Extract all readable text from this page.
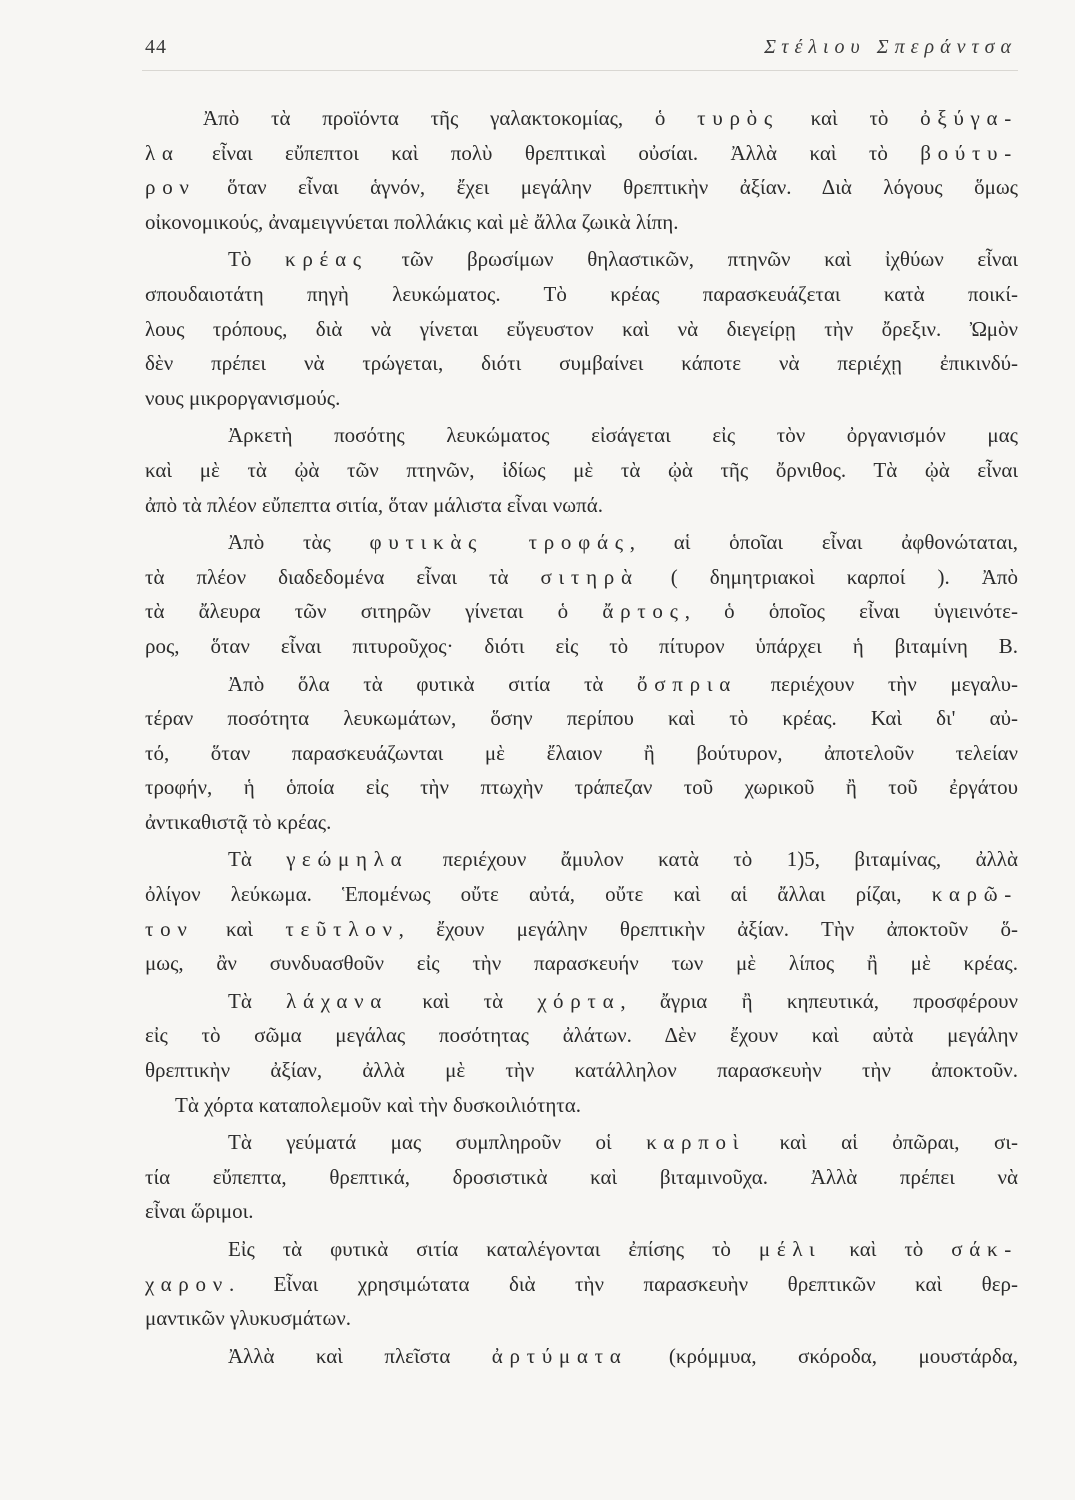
44	Στέλιου Σπεράντσα
Ἀπὸ τὰ προϊόντα τῆς γαλακτοκομίας, ὁ τυρὸς καὶ τὸ ὀξύγα-
λα εἶναι εὔπεπτοι καὶ πολὺ θρεπτικαὶ οὐσίαι. Ἀλλὰ καὶ τὸ βούτυ-
ρον ὅταν εἶναι ἁγνόν, ἔχει μεγάλην θρεπτικὴν ἀξίαν. Διὰ λόγους ὅμως
οἰκονομικούς, ἀναμειγνύεται πολλάκις καὶ μὲ ἄλλα ζωικὰ λίπη.
Τὸ κρέας τῶν βρωσίμων θηλαστικῶν, πτηνῶν καὶ ἰχθύων εἶναι
σπουδαιοτάτη πηγὴ λευκώματος. Τὸ κρέας παρασκευάζεται κατὰ ποικί-
λους τρόπους, διὰ νὰ γίνεται εὔγευστον καὶ νὰ διεγείρῃ τὴν ὄρεξιν. Ὠμὸν
δὲν πρέπει νὰ τρώγεται, διότι συμβαίνει κάποτε νὰ περιέχῃ ἐπικινδύ-
νους μικροργανισμούς.
Ἀρκετὴ ποσότης λευκώματος εἰσάγεται εἰς τὸν ὀργανισμόν μας
καὶ μὲ τὰ ᾠὰ τῶν πτηνῶν, ἰδίως μὲ τὰ ᾠὰ τῆς ὄρνιθος. Τὰ ᾠὰ εἶναι
ἀπὸ τὰ πλέον εὔπεπτα σιτία, ὅταν μάλιστα εἶναι νωπά.
Ἀπὸ τὰς φυτικὰς τροφάς, αἱ ὁποῖαι εἶναι ἀφθονώταται,
τὰ πλέον διαδεδομένα εἶναι τὰ σιτηρὰ ( δημητριακοὶ καρποί ). Ἀπὸ
τὰ ἄλευρα τῶν σιτηρῶν γίνεται ὁ ἄρτος, ὁ ὁποῖος εἶναι ὑγιεινότε-
ρος, ὅταν εἶναι πιτυροῦχος· διότι εἰς τὸ πίτυρον ὑπάρχει ἡ βιταμίνη Β.
Ἀπὸ ὅλα τὰ φυτικὰ σιτία τὰ ὄσπρια περιέχουν τὴν μεγαλυ-
τέραν ποσότητα λευκωμάτων, ὅσην περίπου καὶ τὸ κρέας. Καὶ δι' αὐ-
τό, ὅταν παρασκευάζωνται μὲ ἔλαιον ἢ βούτυρον, ἀποτελοῦν τελείαν
τροφήν, ἡ ὁποία εἰς τὴν πτωχὴν τράπεζαν τοῦ χωρικοῦ ἢ τοῦ ἐργάτου
ἀντικαθιστᾷ τὸ κρέας.
Τὰ γεώμηλα περιέχουν ἄμυλον κατὰ τὸ 1)5, βιταμίνας, ἀλλὰ
ὀλίγον λεύκωμα. Ἑπομένως οὔτε αὐτά, οὔτε καὶ αἱ ἄλλαι ρίζαι, καρῶ-
τον καὶ τεῦτλον, ἔχουν μεγάλην θρεπτικὴν ἀξίαν. Τὴν ἀποκτοῦν ὅ-
μως, ἂν συνδυασθοῦν εἰς τὴν παρασκευήν των μὲ λίπος ἢ μὲ κρέας.
Τὰ λάχανα καὶ τὰ χόρτα, ἄγρια ἢ κηπευτικά, προσφέρουν
εἰς τὸ σῶμα μεγάλας ποσότητας ἀλάτων. Δὲν ἔχουν καὶ αὐτὰ μεγάλην
θρεπτικὴν ἀξίαν, ἀλλὰ μὲ τὴν κατάλληλον παρασκευὴν τὴν ἀποκτοῦν.
Τὰ χόρτα καταπολεμοῦν καὶ τὴν δυσκοιλιότητα.
Τὰ γεύματά μας συμπληροῦν οἱ καρποὶ καὶ αἱ ὀπῶραι, σι-
τία εὔπεπτα, θρεπτικά, δροσιστικὰ καὶ βιταμινοῦχα. Ἀλλὰ πρέπει νὰ
εἶναι ὥριμοι.
Εἰς τὰ φυτικὰ σιτία καταλέγονται ἐπίσης τὸ μέλι καὶ τὸ σάκ-
χαρον. Εἶναι χρησιμώτατα διὰ τὴν παρασκευὴν θρεπτικῶν καὶ θερ-
μαντικῶν γλυκυσμάτων.
Ἀλλὰ καὶ πλεῖστα ἀρτύματα (κρόμμυα, σκόροδα, μουστάρδα,
